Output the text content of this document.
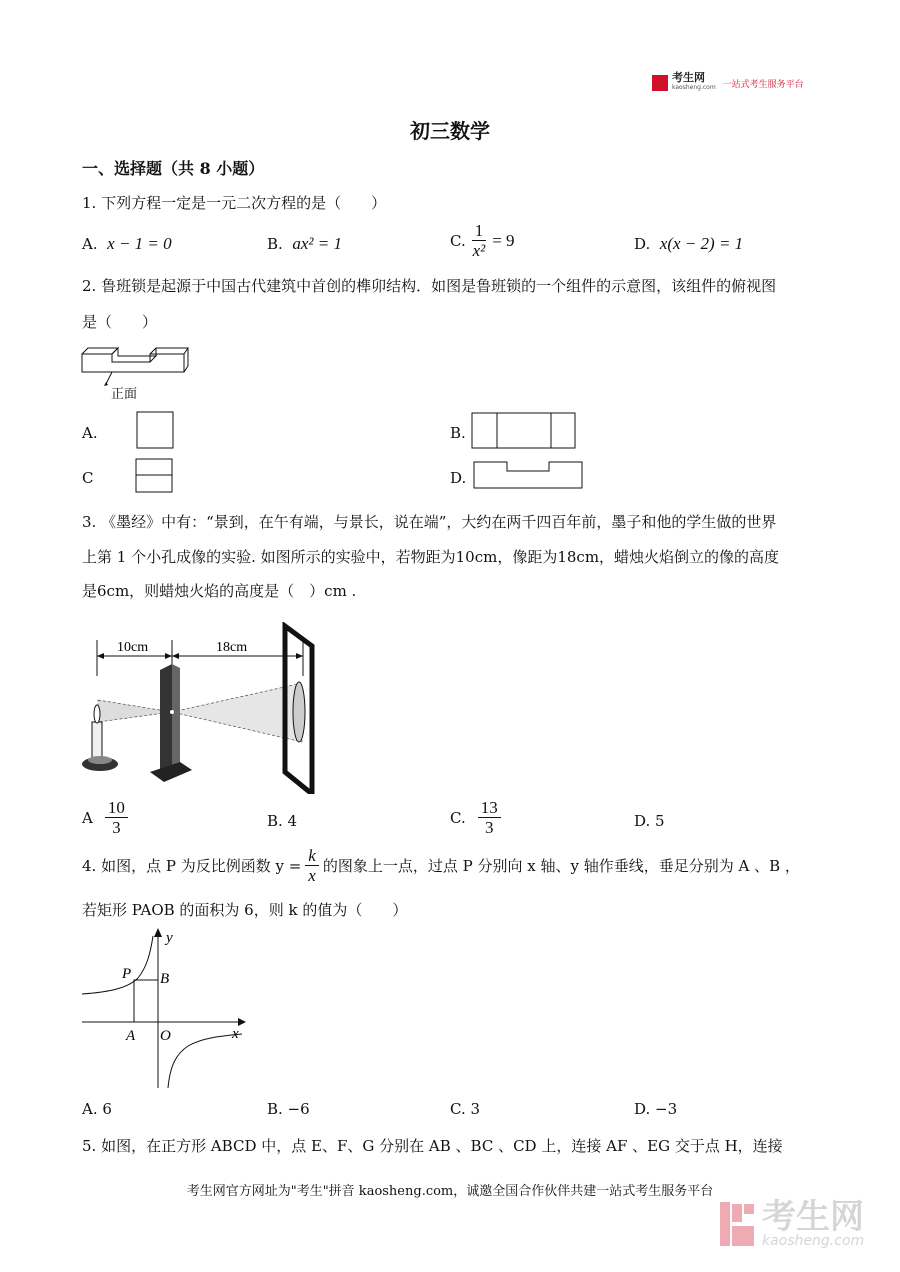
考生网
kaosheng.com 一站式考生服务平台
初三数学
一、选择题（共 8 小题）
1. 下列方程一定是一元二次方程的是（　　）
A. x − 1 = 0	B. ax² = 1	C. $\frac{1}{\text{x²}} = 9$	D. x(x − 2) = 1
2. 鲁班锁是起源于中国古代建筑中首创的榫卯结构．如图是鲁班锁的一个组件的示意图，该组件的俯视图
是（　　）
正面
A.	B.
C	D.
3. 《墨经》中有：“景到，在午有端，与景长，说在端”，大约在两千四百年前，墨子和他的学生做的世界
上第 1 个小孔成像的实验. 如图所示的实验中，若物距为10cm，像距为18cm，蜡烛火焰倒立的像的高度
是6cm，则蜡烛火焰的高度是（　）cm .
10cm	18cm
A $\frac{10}{3}$	B. 4	C. $\frac{13}{3}$	D. 5
4. 如图，点 P 为反比例函数 $y = \frac{k}{x}$ 的图象上一点，过点 P 分别向 x 轴、y 轴作垂线，垂足分别为 A 、B ，
若矩形 PAOB 的面积为 6，则 k 的值为（　　）
y
x
P B
A O
A. 6	B. −6	C. 3	D. −3
5. 如图，在正方形 ABCD 中，点 E、F、G 分别在 AB 、BC 、CD 上，连接 AF 、EG 交于点 H，连接
考生网官方网址为"考生"拼音 kaosheng.com，诚邀全国合作伙伴共建一站式考生服务平台
考生网
kaosheng.com
